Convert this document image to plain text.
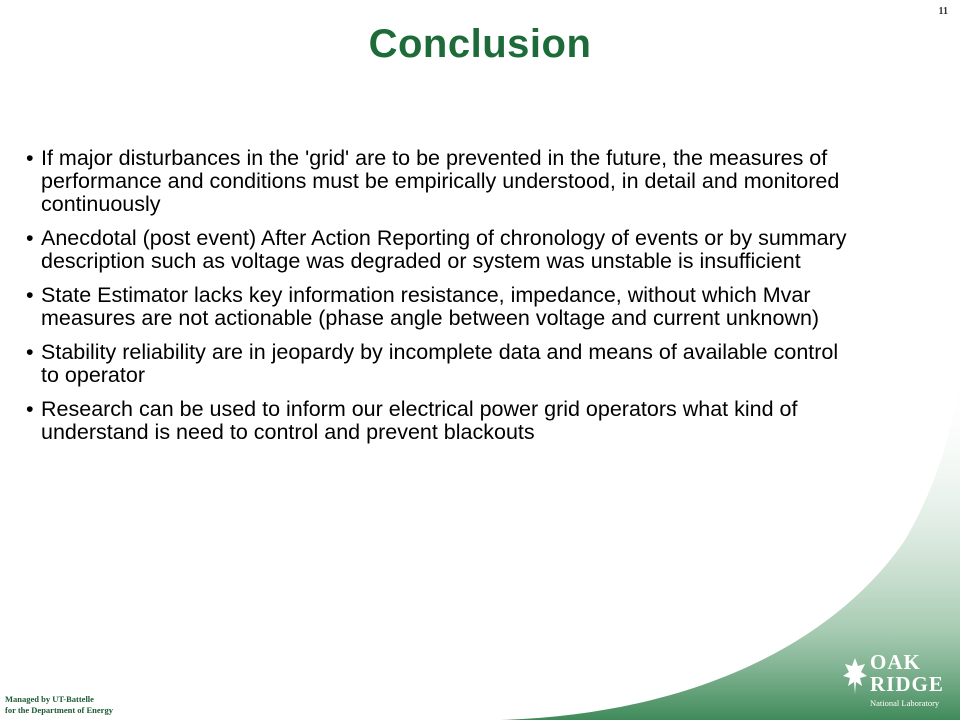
11
Conclusion
• If major disturbances in the 'grid' are to be prevented in the future, the measures of performance and conditions must be empirically understood, in detail and monitored continuously
• Anecdotal (post event) After Action Reporting of chronology of events or by summary description such as voltage was degraded or system was unstable is insufficient
• State Estimator lacks key information resistance, impedance, without which Mvar measures are not actionable (phase angle between voltage and current unknown)
• Stability reliability are in jeopardy by incomplete data and means of available control to operator
• Research can be used to inform our electrical power grid operators what kind of understand is need to control and prevent blackouts
OAK
RIDGE
National Laboratory
Managed by UT-Battelle
for the Department of Energy
